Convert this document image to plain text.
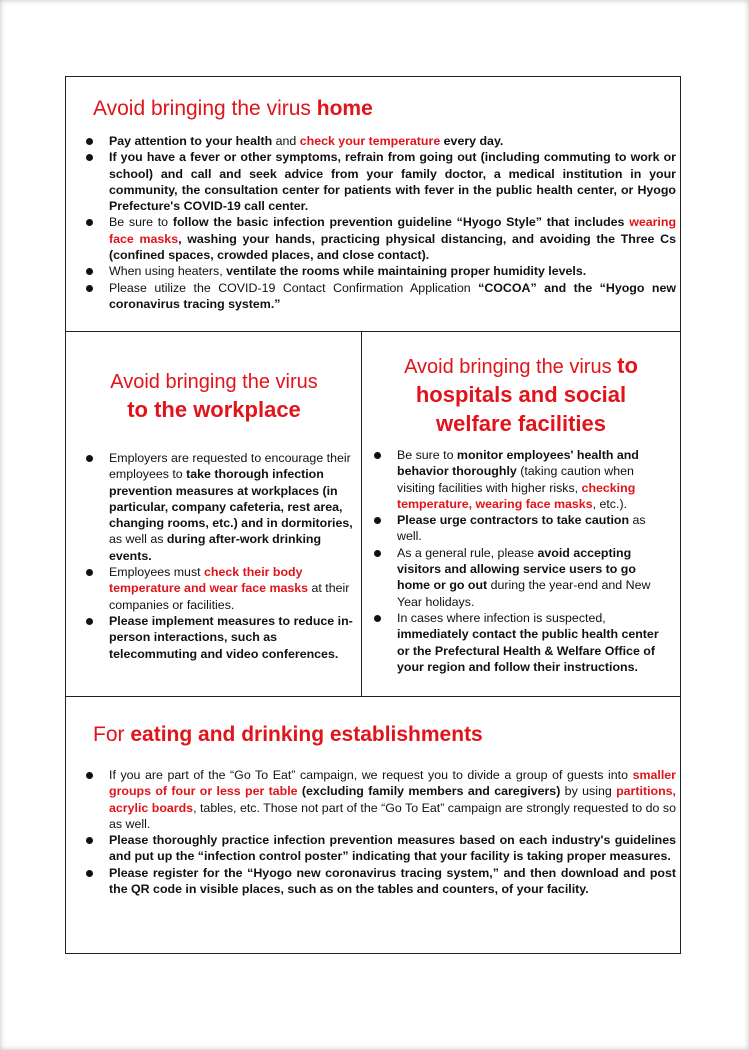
Avoid bringing the virus home
Pay attention to your health and check your temperature every day.
If you have a fever or other symptoms, refrain from going out (including commuting to work or school) and call and seek advice from your family doctor, a medical institution in your community, the consultation center for patients with fever in the public health center, or Hyogo Prefecture's COVID-19 call center.
Be sure to follow the basic infection prevention guideline “Hyogo Style” that includes wearing face masks, washing your hands, practicing physical distancing, and avoiding the Three Cs (confined spaces, crowded places, and close contact).
When using heaters, ventilate the rooms while maintaining proper humidity levels.
Please utilize the COVID-19 Contact Confirmation Application “COCOA” and the “Hyogo new coronavirus tracing system.”
Avoid bringing the virus
to the workplace
Employers are requested to encourage their employees to take thorough infection prevention measures at workplaces (in particular, company cafeteria, rest area, changing rooms, etc.) and in dormitories, as well as during after-work drinking events.
Employees must check their body temperature and wear face masks at their companies or facilities.
Please implement measures to reduce in-person interactions, such as telecommuting and video conferences.
Avoid bringing the virus to
hospitals and social
welfare facilities
Be sure to monitor employees' health and behavior thoroughly (taking caution when visiting facilities with higher risks, checking temperature, wearing face masks, etc.).
Please urge contractors to take caution as well.
As a general rule, please avoid accepting visitors and allowing service users to go home or go out during the year-end and New Year holidays.
In cases where infection is suspected, immediately contact the public health center or the Prefectural Health & Welfare Office of your region and follow their instructions.
For eating and drinking establishments
If you are part of the “Go To Eat” campaign, we request you to divide a group of guests into smaller groups of four or less per table (excluding family members and caregivers) by using partitions, acrylic boards, tables, etc. Those not part of the “Go To Eat” campaign are strongly requested to do so as well.
Please thoroughly practice infection prevention measures based on each industry's guidelines and put up the “infection control poster” indicating that your facility is taking proper measures.
Please register for the “Hyogo new coronavirus tracing system,” and then download and post the QR code in visible places, such as on the tables and counters, of your facility.
